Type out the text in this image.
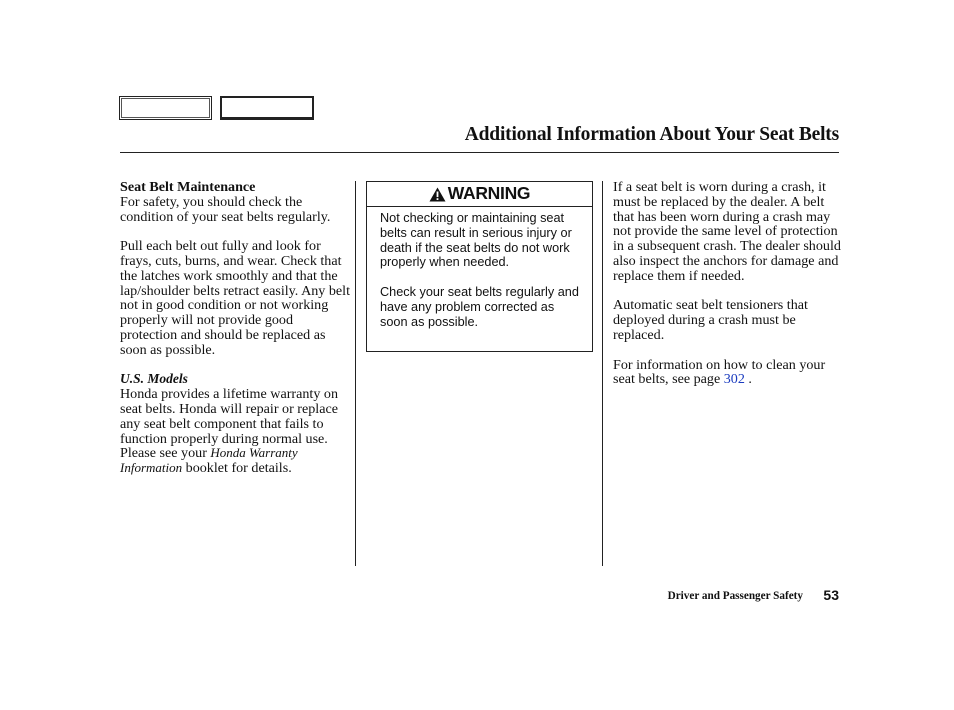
Additional Information About Your Seat Belts

Seat Belt Maintenance
For safety, you should check the condition of your seat belts regularly.

Pull each belt out fully and look for frays, cuts, burns, and wear. Check that the latches work smoothly and that the lap/shoulder belts retract easily. Any belt not in good condition or not working properly will not provide good protection and should be replaced as soon as possible.

U.S. Models
Honda provides a lifetime warranty on seat belts. Honda will repair or replace any seat belt component that fails to function properly during normal use. Please see your Honda Warranty Information booklet for details.

WARNING

Not checking or maintaining seat belts can result in serious injury or death if the seat belts do not work properly when needed.

Check your seat belts regularly and have any problem corrected as soon as possible.

If a seat belt is worn during a crash, it must be replaced by the dealer. A belt that has been worn during a crash may not provide the same level of protection in a subsequent crash. The dealer should also inspect the anchors for damage and replace them if needed.

Automatic seat belt tensioners that deployed during a crash must be replaced.

For information on how to clean your seat belts, see page 302 .

Driver and Passenger Safety 53
